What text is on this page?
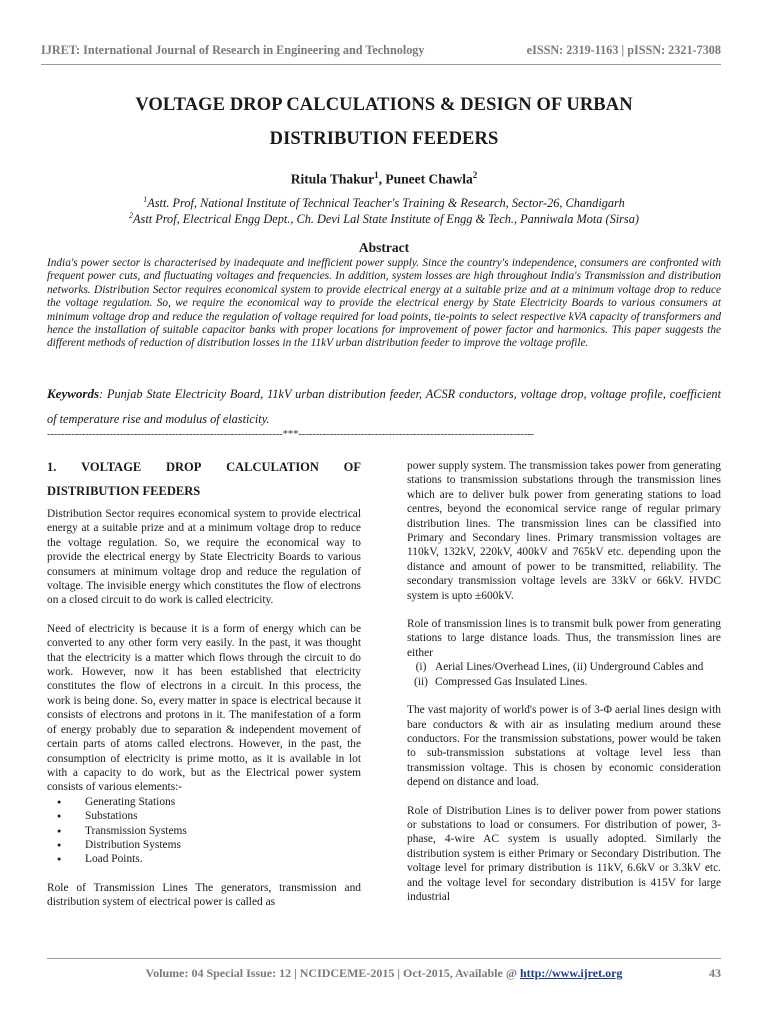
IJRET: International Journal of Research in Engineering and Technology	eISSN: 2319-1163 | pISSN: 2321-7308
VOLTAGE DROP CALCULATIONS & DESIGN OF URBAN
DISTRIBUTION FEEDERS
Ritula Thakur$^1$, Puneet Chawla$^2$
$^1$Astt. Prof, National Institute of Technical Teacher's Training & Research, Sector-26, Chandigarh
$^2$Astt Prof, Electrical Engg Dept., Ch. Devi Lal State Institute of Engg & Tech., Panniwala Mota (Sirsa)
Abstract
India's power sector is characterised by inadequate and inefficient power supply. Since the country's independence, consumers are confronted with frequent power cuts, and fluctuating voltages and frequencies. In addition, system losses are high throughout India's Transmission and distribution networks. Distribution Sector requires economical system to provide electrical energy at a suitable prize and at a minimum voltage drop to reduce the voltage regulation. So, we require the economical way to provide the electrical energy by State Electricity Boards to various consumers at minimum voltage drop and reduce the regulation of voltage required for load points, tie-points to select respective kVA capacity of transformers and hence the installation of suitable capacitor banks with proper locations for improvement of power factor and harmonics. This paper suggests the different methods of reduction of distribution losses in the 11kV urban distribution feeder to improve the voltage profile.
Keywords: Punjab State Electricity Board, 11kV urban distribution feeder, ACSR conductors, voltage drop, voltage profile, coefficient of temperature rise and modulus of elasticity.
--------------------------------------------------------------------***--------------------------------------------------------------------
1. VOLTAGE DROP CALCULATION OF
DISTRIBUTION FEEDERS

Distribution Sector requires economical system to provide electrical energy at a suitable prize and at a minimum voltage drop to reduce the voltage regulation. So, we require the economical way to provide the electrical energy by State Electricity Boards to various consumers at minimum voltage drop and reduce the regulation of voltage. The invisible energy which constitutes the flow of electrons on a closed circuit to do work is called electricity.

Need of electricity is because it is a form of energy which can be converted to any other form very easily. In the past, it was thought that the electricity is a matter which flows through the circuit to do work. However, now it has been established that electricity constitutes the flow of electrons in a circuit. In this process, the work is being done. So, every matter in space is electrical because it consists of electrons and protons in it. The manifestation of a form of energy probably due to separation & independent movement of certain parts of atoms called electrons. However, in the past, the consumption of electricity is prime motto, as it is available in lot with a capacity to do work, but as the Electrical power system consists of various elements:-

● Generating Stations
● Substations
● Transmission Systems
● Distribution Systems
● Load Points.

Role of Transmission Lines The generators, transmission and distribution system of electrical power is called as

power supply system. The transmission takes power from generating stations to transmission substations through the transmission lines which are to deliver bulk power from generating stations to load centres, beyond the economical service range of regular primary distribution lines. The transmission lines can be classified into Primary and Secondary lines. Primary transmission voltages are 110kV, 132kV, 220kV, 400kV and 765kV etc. depending upon the distance and amount of power to be transmitted, reliability. The secondary transmission voltage levels are 33kV or 66kV. HVDC system is upto ±600kV.

Role of transmission lines is to transmit bulk power from generating stations to large distance loads. Thus, the transmission lines are either

(i) Aerial Lines/Overhead Lines, (ii) Underground Cables and
(ii) Compressed Gas Insulated Lines.

The vast majority of world's power is of 3-Φ aerial lines design with bare conductors & with air as insulating medium around these conductors. For the transmission substations, power would be taken to sub-transmission substations at voltage level less than transmission voltage. This is chosen by economic consideration depend on distance and load.

Role of Distribution Lines is to deliver power from power stations or substations to load or consumers. For distribution of power, 3-phase, 4-wire AC system is usually adopted. Similarly the distribution system is either Primary or Secondary Distribution. The voltage level for primary distribution is 11kV, 6.6kV or 3.3kV etc. and the voltage level for secondary distribution is 415V for large industrial

Volume: 04 Special Issue: 12 | NCIDCEME-2015 | Oct-2015, Available @ http://www.ijret.org	43
